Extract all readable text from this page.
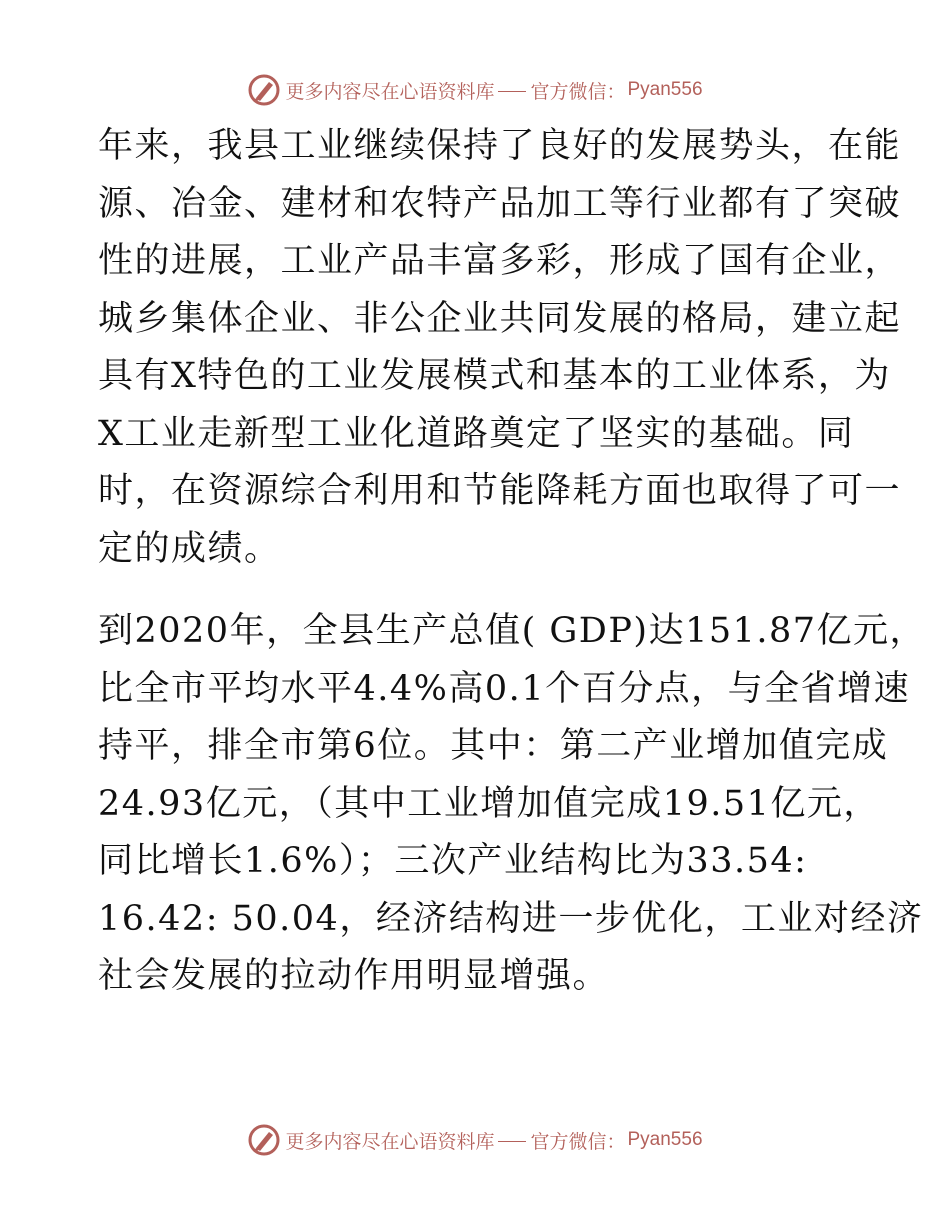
更多内容尽在心语资料库 官方微信： Pyan556
年来，我县工业继续保持了良好的发展势头，在能
源、冶金、建材和农特产品加工等行业都有了突破
性的进展，工业产品丰富多彩，形成了国有企业，
城乡集体企业、非公企业共同发展的格局，建立起
具有X特色的工业发展模式和基本的工业体系，为
X工业走新型工业化道路奠定了坚实的基础。同
时，在资源综合利用和节能降耗方面也取得了可一
定的成绩。
到2020年，全县生产总值( GDP)达151.87亿元，
比全市平均水平4.4%高0.1个百分点，与全省增速
持平，排全市第6位。其中：第二产业增加值完成
24.93亿元，（其中工业增加值完成19.51亿元，
同比增长1.6%）；三次产业结构比为33.54:
16.42: 50.04，经济结构进一步优化，工业对经济
社会发展的拉动作用明显增强。
更多内容尽在心语资料库 官方微信： Pyan556
